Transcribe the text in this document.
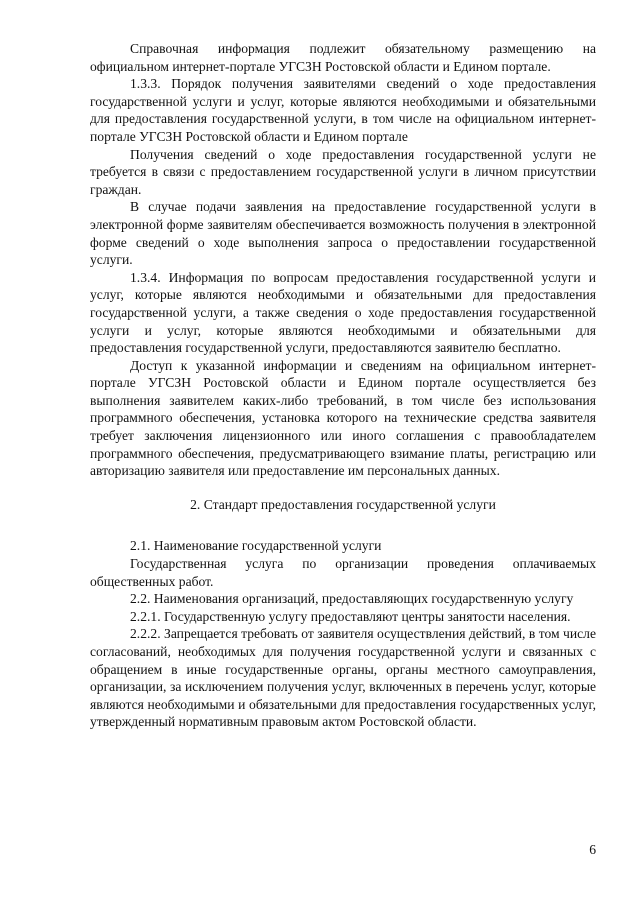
Справочная информация подлежит обязательному размещению на официальном интернет-портале УГСЗН Ростовской области и Едином портале.

1.3.3. Порядок получения заявителями сведений о ходе предоставления государственной услуги и услуг, которые являются необходимыми и обязательными для предоставления государственной услуги, в том числе на официальном интернет-портале УГСЗН Ростовской области и Едином портале

Получения сведений о ходе предоставления государственной услуги не требуется в связи с предоставлением государственной услуги в личном присутствии граждан.

В случае подачи заявления на предоставление государственной услуги в электронной форме заявителям обеспечивается возможность получения в электронной форме сведений о ходе выполнения запроса о предоставлении государственной услуги.

1.3.4. Информация по вопросам предоставления государственной услуги и услуг, которые являются необходимыми и обязательными для предоставления государственной услуги, а также сведения о ходе предоставления государственной услуги и услуг, которые являются необходимыми и обязательными для предоставления государственной услуги, предоставляются заявителю бесплатно.

Доступ к указанной информации и сведениям на официальном интернет-портале УГСЗН Ростовской области и Едином портале осуществляется без выполнения заявителем каких-либо требований, в том числе без использования программного обеспечения, установка которого на технические средства заявителя требует заключения лицензионного или иного соглашения с правообладателем программного обеспечения, предусматривающего взимание платы, регистрацию или авторизацию заявителя или предоставление им персональных данных.

2. Стандарт предоставления государственной услуги

2.1. Наименование государственной услуги

Государственная услуга по организации проведения оплачиваемых общественных работ.

2.2. Наименования организаций, предоставляющих государственную услугу

2.2.1. Государственную услугу предоставляют центры занятости населения.

2.2.2. Запрещается требовать от заявителя осуществления действий, в том числе согласований, необходимых для получения государственной услуги и связанных с обращением в иные государственные органы, органы местного самоуправления, организации, за исключением получения услуг, включенных в перечень услуг, которые являются необходимыми и обязательными для предоставления государственных услуг, утвержденный нормативным правовым актом Ростовской области.

6
